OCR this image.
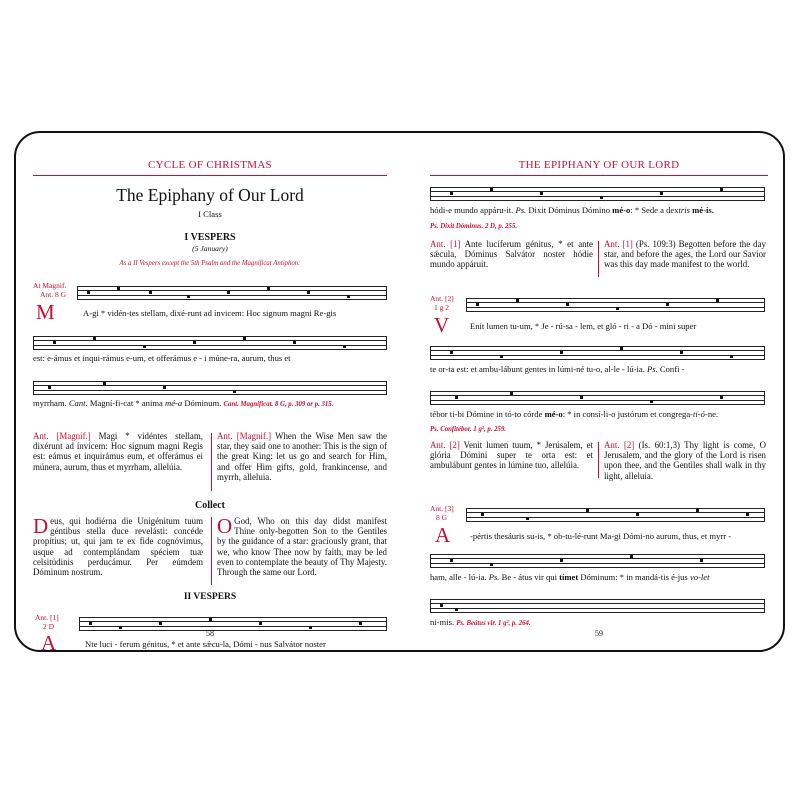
CYCLE OF CHRISTMAS
The Epiphany of Our Lord
I Class
I VESPERS
(5 January)
As a II Vespers except the 5th Psalm and the Magnificat Antiphon:
At Magnif.
Ant. 8 G
M	A-gi * vidén-tes stellam, dixé-runt ad ínvicem: Hoc signum magni Re-gis
est: e-ámus et inqui-rámus e-um, et offerámus e - i múne-ra, aurum, thus et
myrrham. Cant. Magní-fi-cat * anima mé-a Dóminum. Cant. Magnificat. 8 G, p. 309 or p. 315.
Ant. [Magnif.] Magi * vidéntes stellam, dixérunt ad ínvicem: Hoc signum magni Regis est: eámus et inquirámus eum, et offerámus ei múnera, aurum, thus et myrrham, allelúia.
Ant. [Magnif.] When the Wise Men saw the star, they said one to another: This is the sign of the great King: let us go and search for Him, and offer Him gifts, gold, frankincense, and myrrh, alleluia.
Collect
Deus, qui hodiérna die Unigénitum tuum géntibus stella duce revelásti: concéde propítius; ut, qui jam te ex fide cognóvimus, usque ad contemplándam spéciem tuæ celsitúdinis perducámur. Per eúmdem Dóminum nostrum.
O God, Who on this day didst manifest Thine only-begotten Son to the Gentiles by the guidance of a star: graciously grant, that we, who know Thee now by faith, may be led even to contemplate the beauty of Thy Majesty. Through the same our Lord.
II VESPERS
Ant. [1]
2 D
A	Nte luci - ferum génitus, * et ante sǽcu-la, Dómi - nus Salvátor noster
58
THE EPIPHANY OF OUR LORD
hódi-e mundo appáru-it. Ps. Dixit Dóminus Dómino mé-o: * Sede a dextris mé-is.
Ps. Dixit Dóminus. 2 D, p. 255.
Ant. [1] Ante lucíferum génitus, * et ante sǽcula, Dóminus Salvátor noster hódie mundo appáruit.
Ant. [1] (Ps. 109:3) Begotten before the day star, and before the ages, the Lord our Savior was this day made manifest to the world.
Ant. [2]
1 g 2
V Enit lumen tu-um, * Je - rú-sa - lem, et gló - ri - a Dó - mini super
te or-ta est: et ambu-lábunt gentes in lúmi-né tu-o, al-le - lú-ia. Ps. Confi -
tébor ti-bi Dómine in tó-to córde mé-o: * in consí-li-o justórum et congrega-ti-ó-ne.
Ps. Confitébor. 1 g², p. 259.
Ant. [2] Venit lumen tuum, * Jerúsalem, et glória Dómini super te orta est: et ambulábunt gentes in lúmine tuo, allelúia.
Ant. [2] (Is. 60:1,3) Thy light is come, O Jerusalem, and the glory of the Lord is risen upon thee, and the Gentiles shall walk in thy light, alleluia.
Ant. [3]
8 G
A -pértis thesáuris su-is, * ob-tu-lé-runt Ma-gi Dómi-no aurum, thus, et myrr -
ham, alle - lú-ia. Ps. Be - átus vir qui tímet Dóminum: * in mandá-tis é-jus vo-let
ni-mis. Ps. Beátus vir. 1 g², p. 264.
59
